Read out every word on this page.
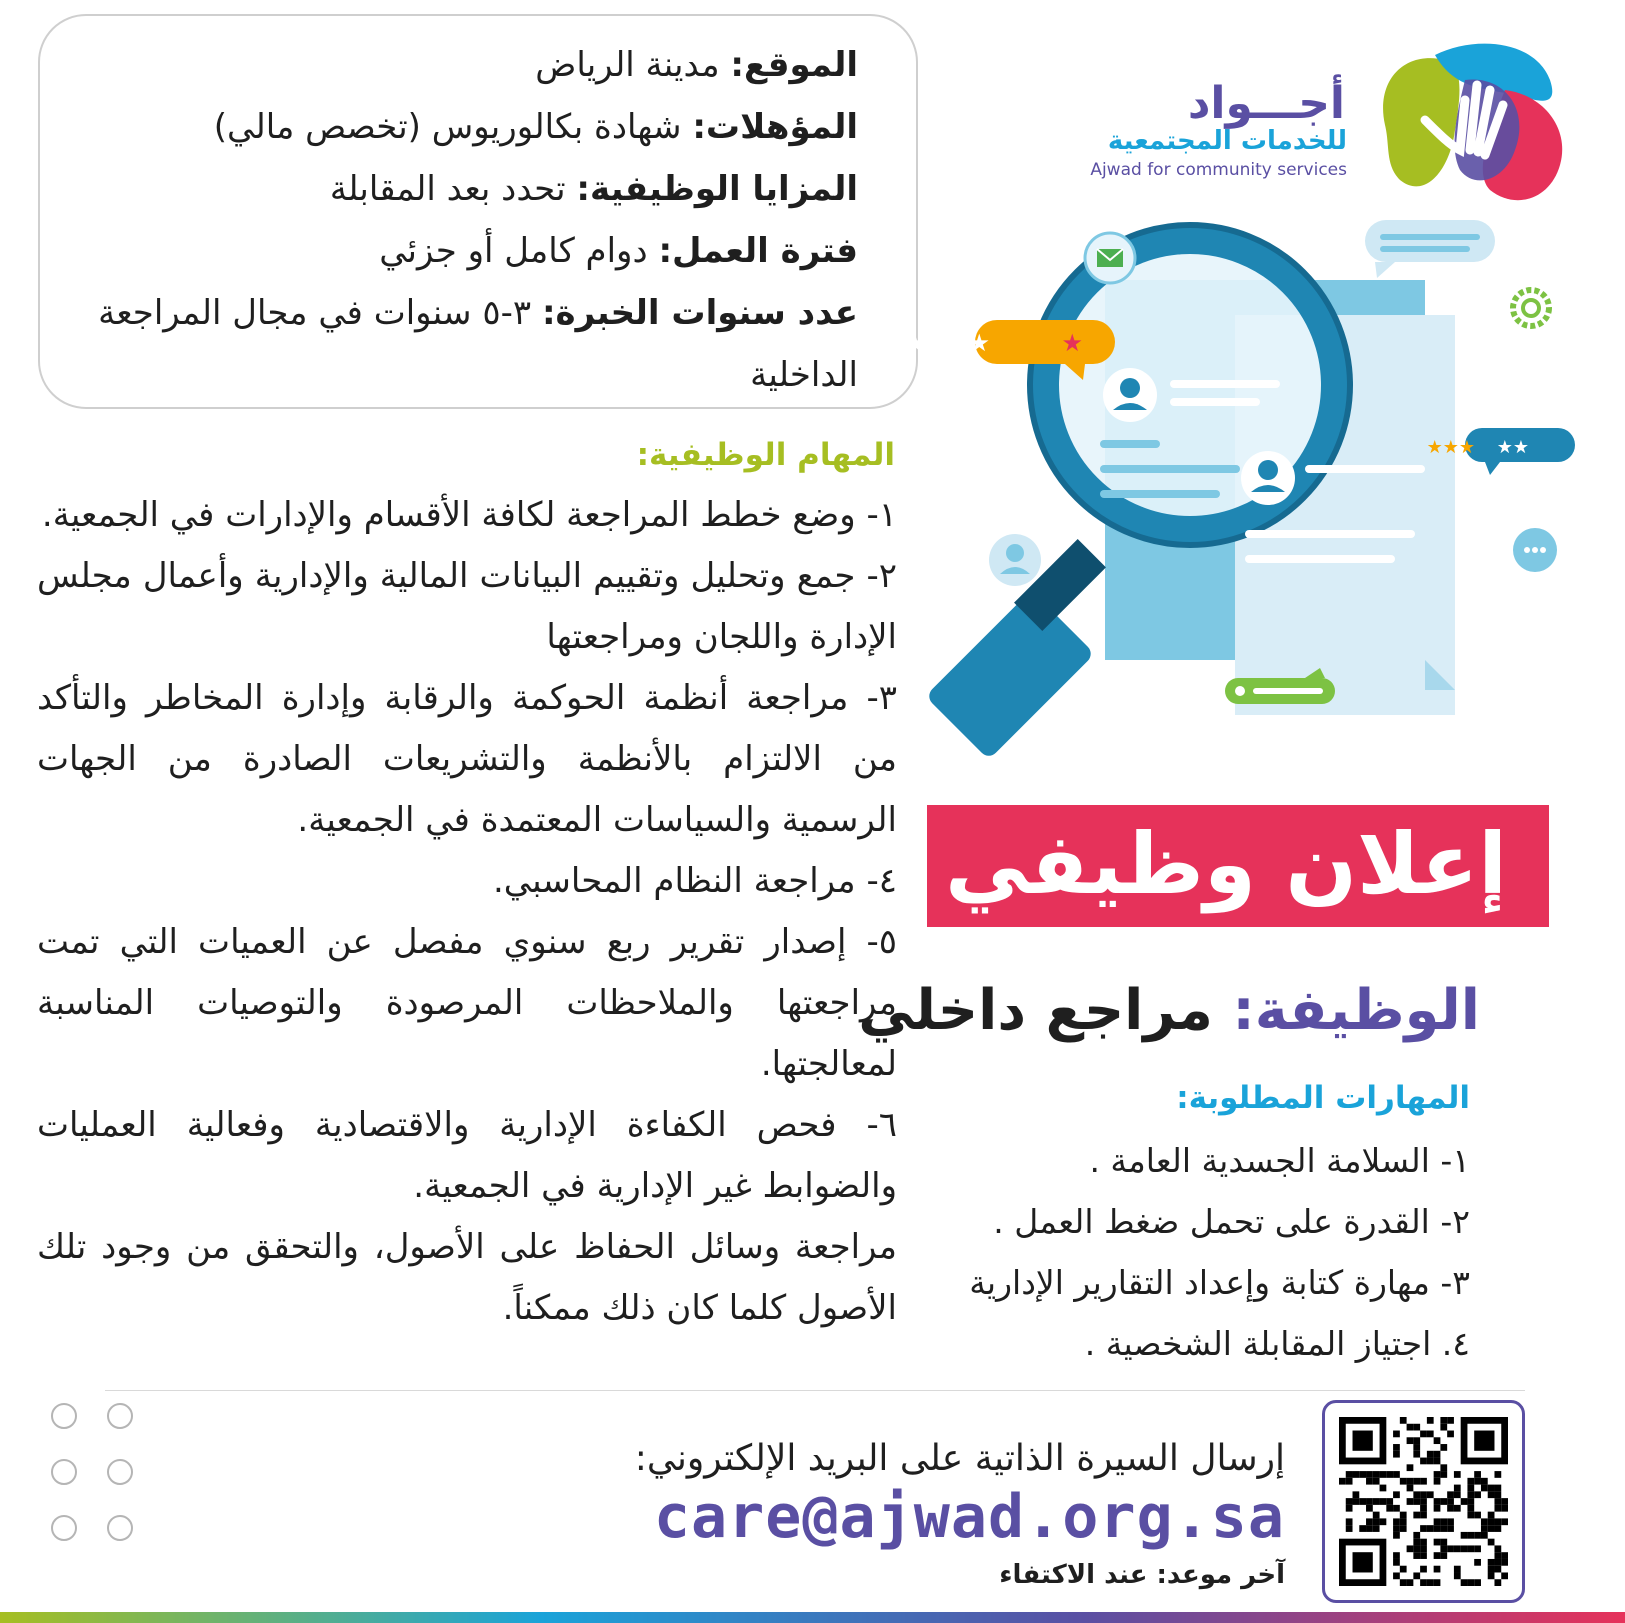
الموقع: مدينة الرياض
المؤهلات: شهادة بكالوريوس (تخصص مالي)
المزايا الوظيفية: تحدد بعد المقابلة
فترة العمل: دوام كامل أو جزئي
عدد سنوات الخبرة: ٣-٥ سنوات في مجال المراجعة الداخلية
أجـــواد
للخدمات المجتمعية
Ajwad for community services
★★★★	★
★★★ ★★
المهام الوظيفية:
١- وضع خطط المراجعة لكافة الأقسام والإدارات في الجمعية.
٢- جمع وتحليل وتقييم البيانات المالية والإدارية وأعمال مجلس الإدارة واللجان ومراجعتها
٣- مراجعة أنظمة الحوكمة والرقابة وإدارة المخاطر والتأكد من الالتزام بالأنظمة والتشريعات الصادرة من الجهات الرسمية والسياسات المعتمدة في الجمعية.
٤- مراجعة النظام المحاسبي.
٥- إصدار تقرير ربع سنوي مفصل عن العميات التي تمت مراجعتها والملاحظات المرصودة والتوصيات المناسبة لمعالجتها.
٦- فحص الكفاءة الإدارية والاقتصادية وفعالية العمليات والضوابط غير الإدارية في الجمعية.
مراجعة وسائل الحفاظ على الأصول، والتحقق من وجود تلك الأصول كلما كان ذلك ممكناً.
إعلان وظيفي
الوظيفة: مراجع داخلي
المهارات المطلوبة:
١- السلامة الجسدية العامة .
٢- القدرة على تحمل ضغط العمل .
٣- مهارة كتابة وإعداد التقارير الإدارية
٤. اجتياز المقابلة الشخصية .
إرسال السيرة الذاتية على البريد الإلكتروني:
care@ajwad.org.sa
آخر موعد: عند الاكتفاء
